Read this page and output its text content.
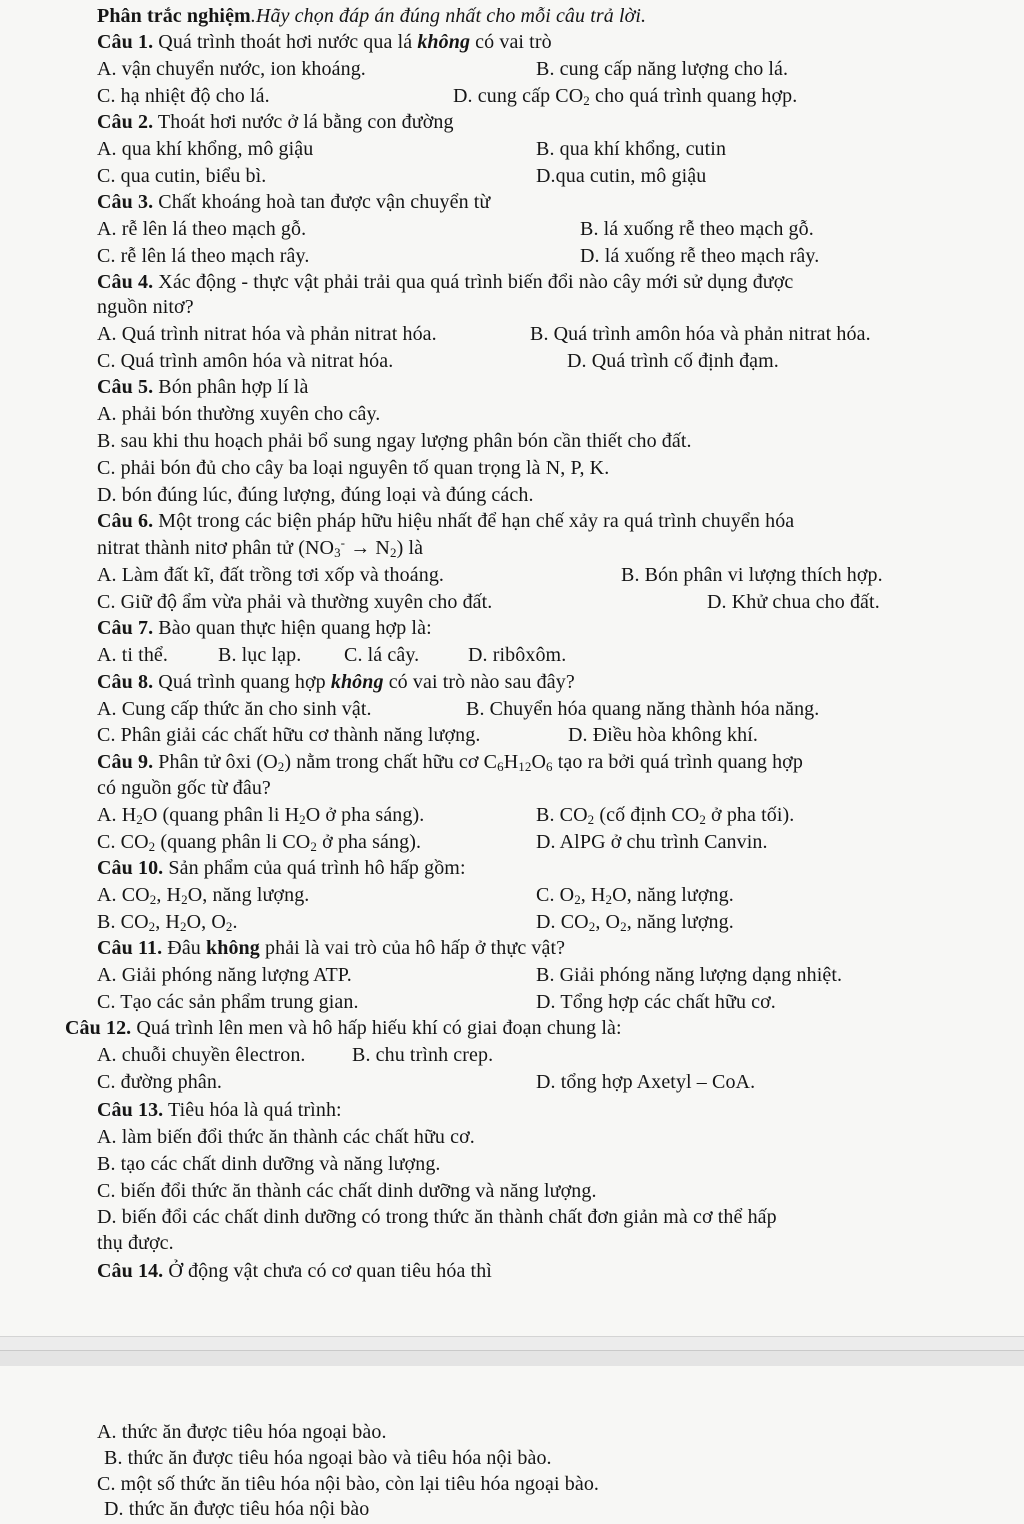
Phân trắc nghiệm.Hãy chọn đáp án đúng nhất cho mỗi câu trả lời.
Câu 1. Quá trình thoát hơi nước qua lá không có vai trò
A. vận chuyển nước, ion khoáng.	B. cung cấp năng lượng cho lá.
C. hạ nhiệt độ cho lá.	D. cung cấp $CO_2$ cho quá trình quang hợp.
Câu 2. Thoát hơi nước ở lá bằng con đường
A. qua khí khổng, mô giậu	B. qua khí khổng, cutin
C. qua cutin, biểu bì.	D.qua cutin, mô giậu
Câu 3. Chất khoáng hoà tan được vận chuyển từ
A. rễ lên lá theo mạch gỗ.	B. lá xuống rễ theo mạch gỗ.
C. rễ lên lá theo mạch rây.	D. lá xuống rễ theo mạch rây.
Câu 4. Xác động - thực vật phải trải qua quá trình biến đổi nào cây mới sử dụng được
nguồn nitơ?
A. Quá trình nitrat hóa và phản nitrat hóa.	B. Quá trình amôn hóa và phản nitrat hóa.
C. Quá trình amôn hóa và nitrat hóa.	D. Quá trình cố định đạm.
Câu 5. Bón phân hợp lí là
A. phải bón thường xuyên cho cây.
B. sau khi thu hoạch phải bổ sung ngay lượng phân bón cần thiết cho đất.
C. phải bón đủ cho cây ba loại nguyên tố quan trọng là N, P, K.
D. bón đúng lúc, đúng lượng, đúng loại và đúng cách.
Câu 6. Một trong các biện pháp hữu hiệu nhất để hạn chế xảy ra quá trình chuyển hóa
nitrat thành nitơ phân tử $(NO_3^- \to N_2)$ là
A. Làm đất kĩ, đất trồng tơi xốp và thoáng.	B. Bón phân vi lượng thích hợp.
C. Giữ độ ẩm vừa phải và thường xuyên cho đất.	D. Khử chua cho đất.
Câu 7. Bào quan thực hiện quang hợp là:
A. ti thể.	B. lục lạp. C. lá cây. D. ribôxôm.
Câu 8. Quá trình quang hợp không có vai trò nào sau đây?
A. Cung cấp thức ăn cho sinh vật.	B. Chuyển hóa quang năng thành hóa năng.
C. Phân giải các chất hữu cơ thành năng lượng.	D. Điều hòa không khí.
Câu 9. Phân tử ôxi $(O_2)$ nằm trong chất hữu cơ $C_6H_{12}O_6$ tạo ra bởi quá trình quang hợp
có nguồn gốc từ đâu?
A. $H_2O$ (quang phân li $H_2O$ ở pha sáng).	B. $CO_2$ (cố định $CO_2$ ở pha tối).
C. $CO_2$ (quang phân li $CO_2$ ở pha sáng).	D. AlPG ở chu trình Canvin.
Câu 10. Sản phẩm của quá trình hô hấp gồm:
A. $CO_2$, $H_2O$, năng lượng.	C. $O_2$, $H_2O$, năng lượng.
B. $CO_2$, $H_2O$, $O_2$.	D. $CO_2$, $O_2$, năng lượng.
Câu 11. Đâu không phải là vai trò của hô hấp ở thực vật?
A. Giải phóng năng lượng ATP.	B. Giải phóng năng lượng dạng nhiệt.
C. Tạo các sản phẩm trung gian.	D. Tổng hợp các chất hữu cơ.
Câu 12. Quá trình lên men và hô hấp hiếu khí có giai đoạn chung là:
A. chuỗi chuyền êlectron. B. chu trình crep.
C. đường phân.	D. tổng hợp Axetyl – CoA.
Câu 13. Tiêu hóa là quá trình:
A. làm biến đổi thức ăn thành các chất hữu cơ.
B. tạo các chất dinh dưỡng và năng lượng.
C. biến đổi thức ăn thành các chất dinh dưỡng và năng lượng.
D. biến đổi các chất dinh dưỡng có trong thức ăn thành chất đơn giản mà cơ thể hấp
thụ được.
Câu 14. Ở động vật chưa có cơ quan tiêu hóa thì
A. thức ăn được tiêu hóa ngoại bào.
B. thức ăn được tiêu hóa ngoại bào và tiêu hóa nội bào.
C. một số thức ăn tiêu hóa nội bào, còn lại tiêu hóa ngoại bào.
D. thức ăn được tiêu hóa nội bào
